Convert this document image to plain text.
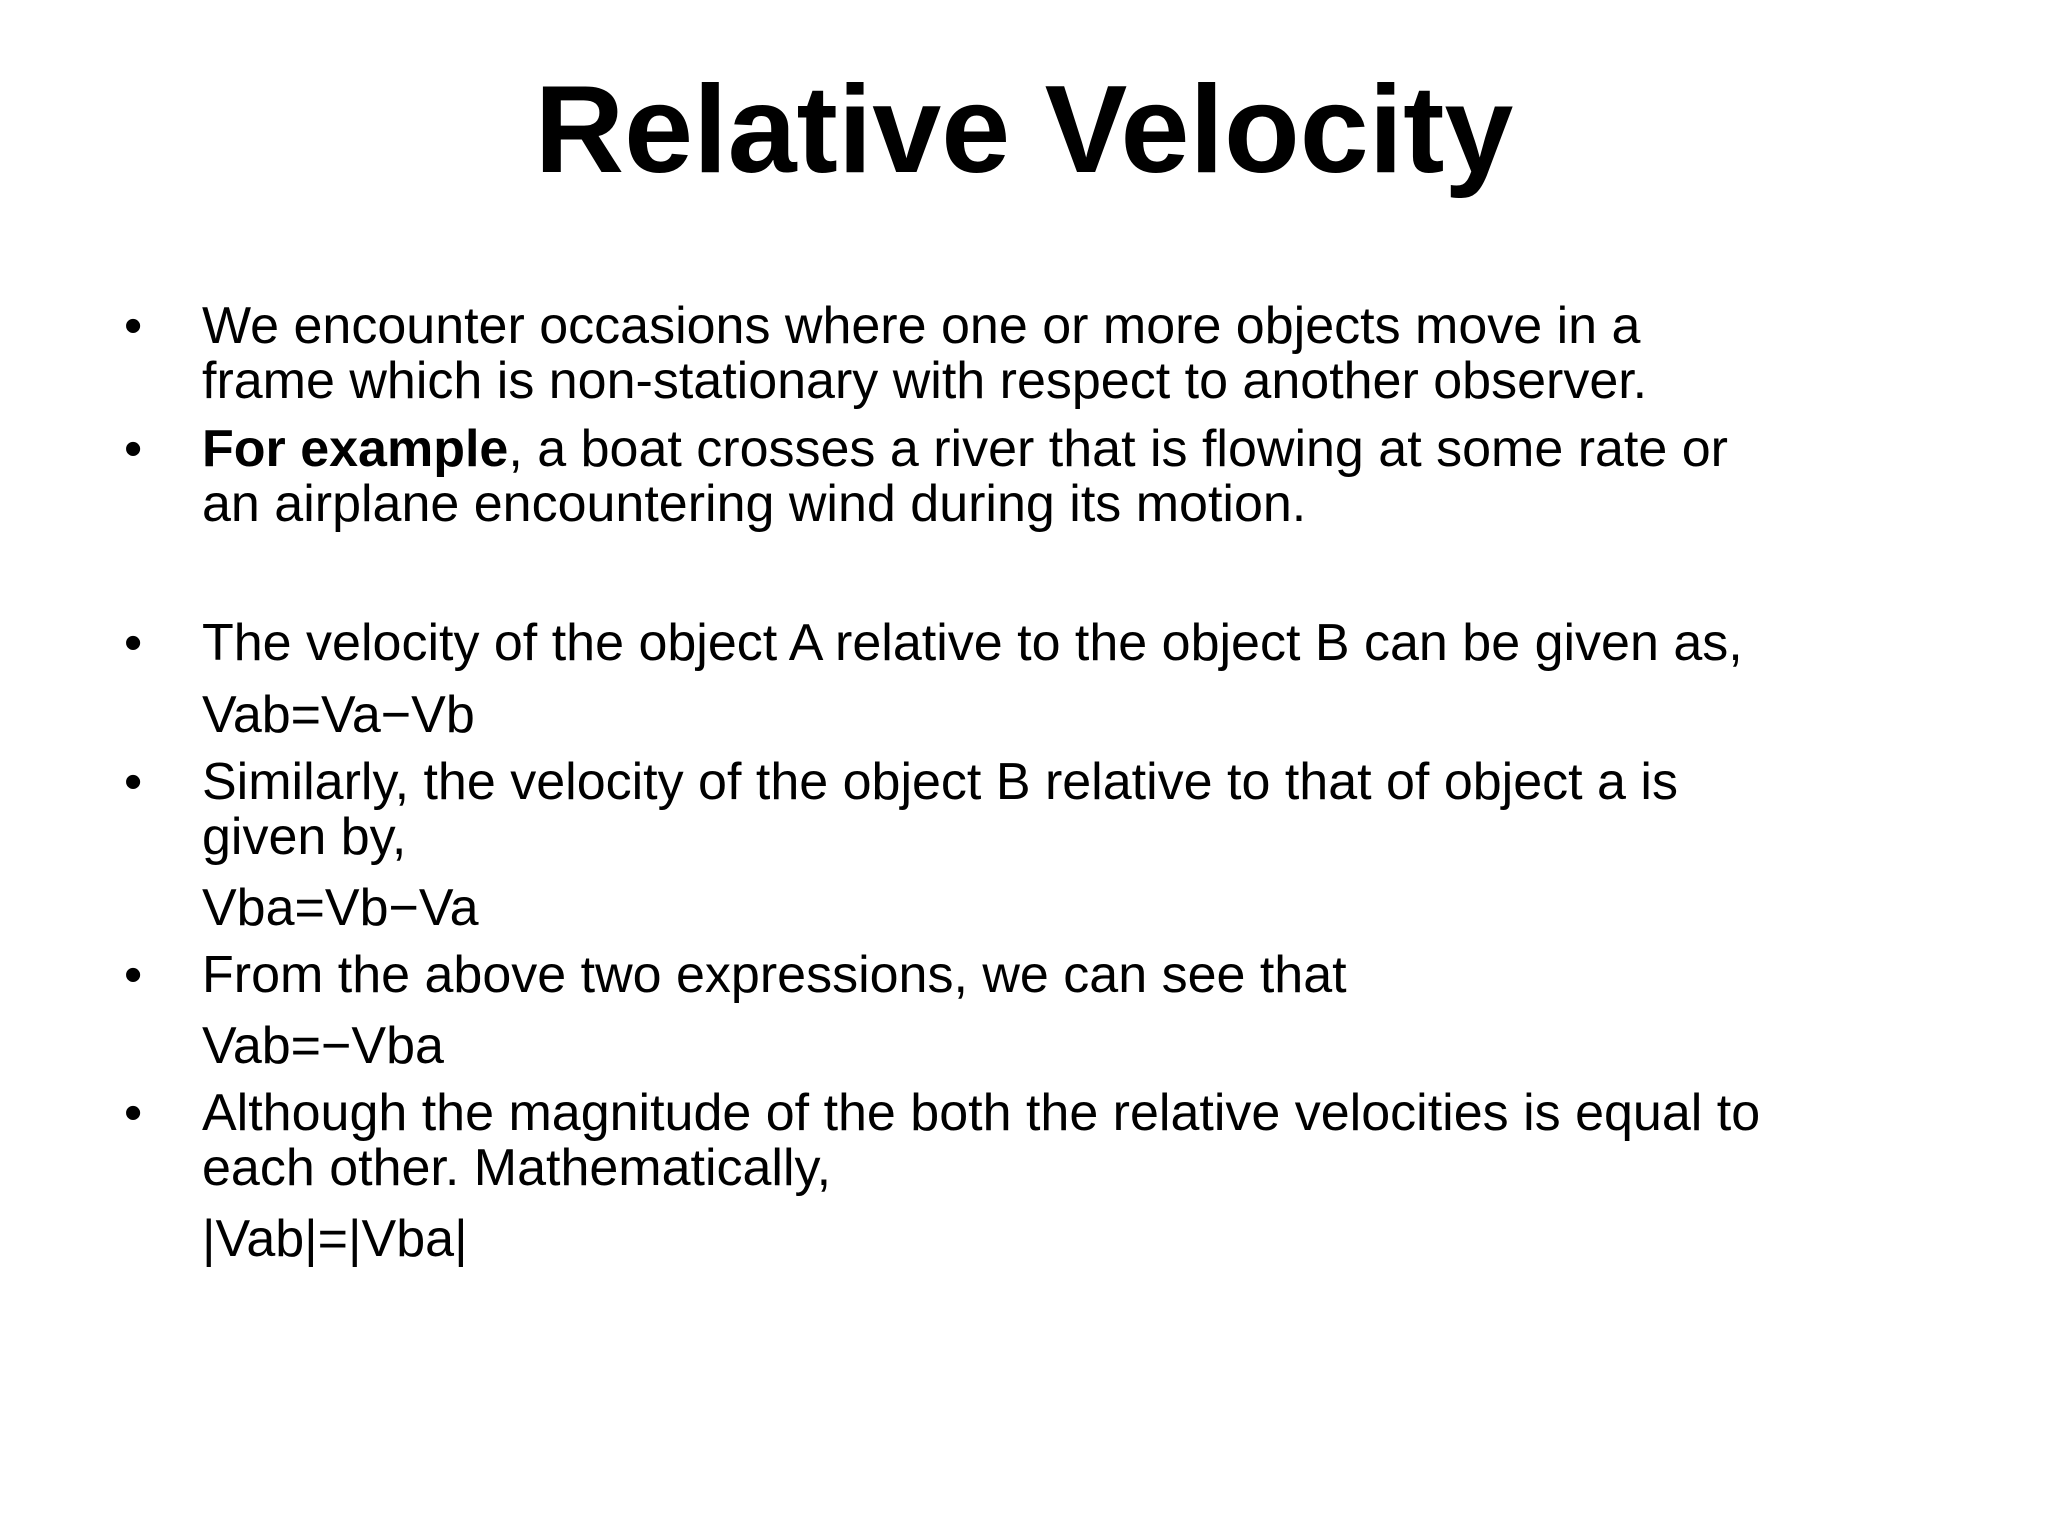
Relative Velocity
• We encounter occasions where one or more objects move in a
frame which is non-stationary with respect to another observer.
• For example, a boat crosses a river that is flowing at some rate or
an airplane encountering wind during its motion.
• The velocity of the object A relative to the object B can be given as,
Vab=Va−Vb
• Similarly, the velocity of the object B relative to that of object a is
given by,
Vba=Vb−Va
• From the above two expressions, we can see that
Vab=−Vba
• Although the magnitude of the both the relative velocities is equal to
each other. Mathematically,
|Vab|=|Vba|
